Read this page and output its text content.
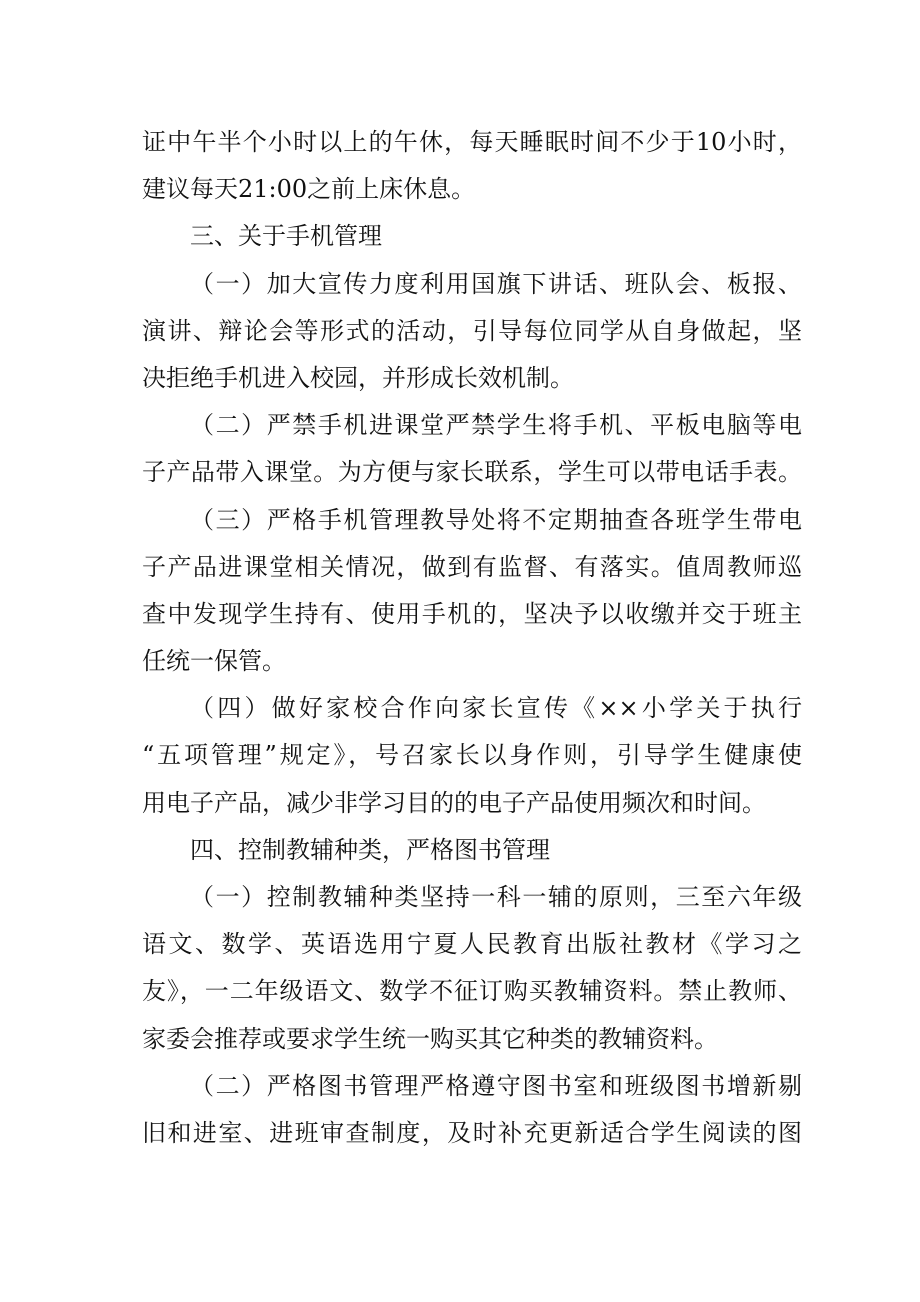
证中午半个小时以上的午休，每天睡眠时间不少于10小时，
建议每天21:00之前上床休息。
三、关于手机管理
（一）加大宣传力度利用国旗下讲话、班队会、板报、
演讲、辩论会等形式的活动，引导每位同学从自身做起，坚
决拒绝手机进入校园，并形成长效机制。
（二）严禁手机进课堂严禁学生将手机、平板电脑等电
子产品带入课堂。为方便与家长联系，学生可以带电话手表。
（三）严格手机管理教导处将不定期抽查各班学生带电
子产品进课堂相关情况，做到有监督、有落实。值周教师巡
查中发现学生持有、使用手机的，坚决予以收缴并交于班主
任统一保管。
（四）做好家校合作向家长宣传《××小学关于执行
“五项管理”规定》，号召家长以身作则，引导学生健康使
用电子产品，减少非学习目的的电子产品使用频次和时间。
四、控制教辅种类，严格图书管理
（一）控制教辅种类坚持一科一辅的原则，三至六年级
语文、数学、英语选用宁夏人民教育出版社教材《学习之
友》，一二年级语文、数学不征订购买教辅资料。禁止教师、
家委会推荐或要求学生统一购买其它种类的教辅资料。
（二）严格图书管理严格遵守图书室和班级图书增新剔
旧和进室、进班审查制度，及时补充更新适合学生阅读的图
